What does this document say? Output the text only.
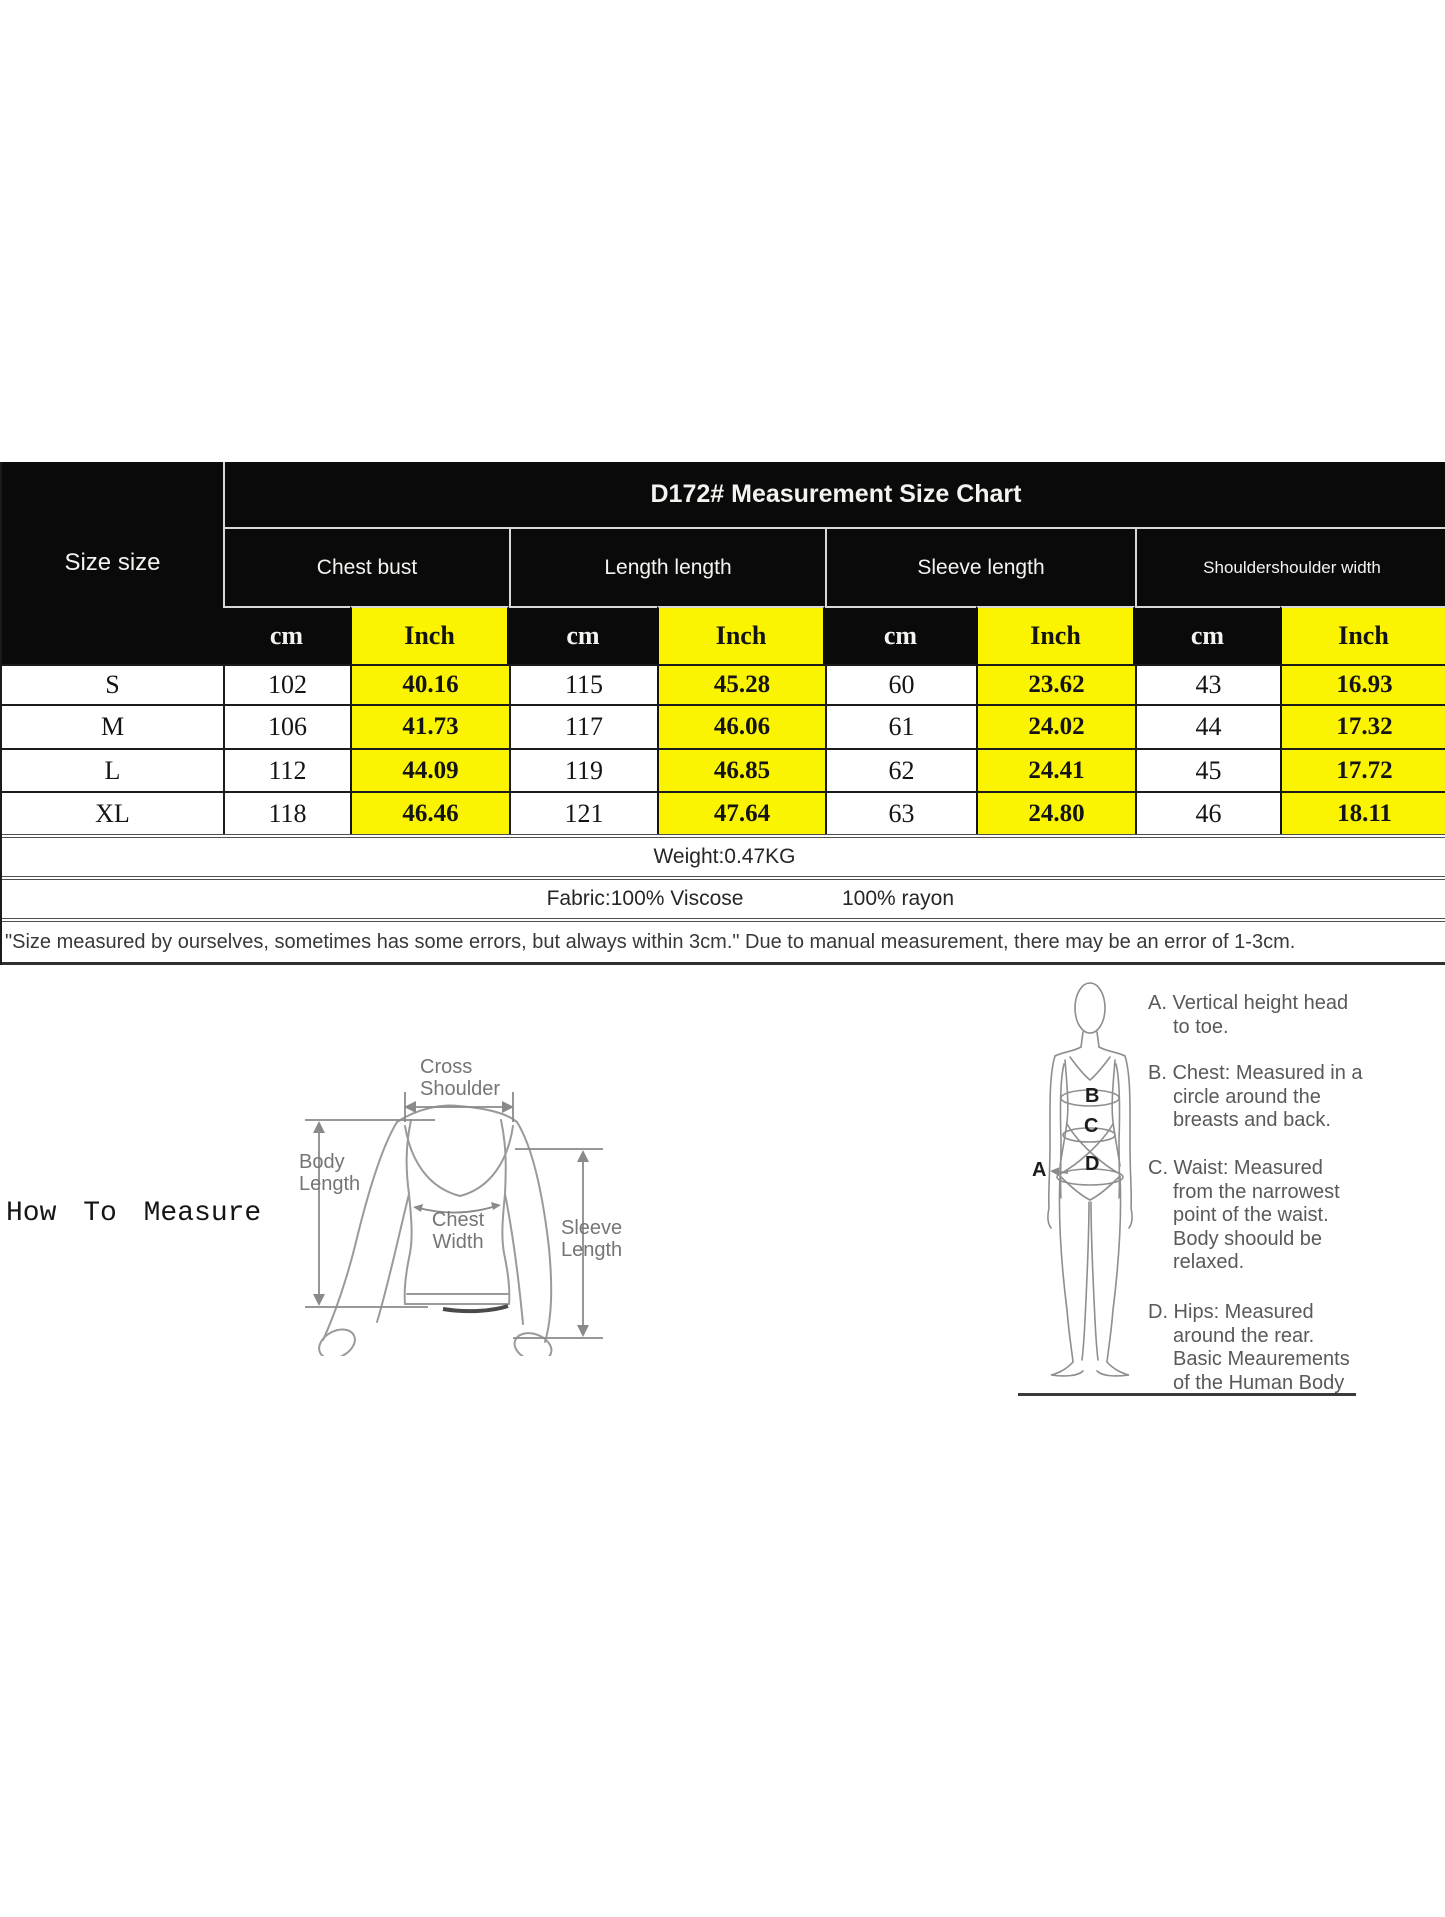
Size size
D172# Measurement Size Chart
Chest bust	Length length	Sleeve length	Shouldershoulder width
cm	Inch	cm	Inch	cm	Inch	cm	Inch
S	102	40.16	115	45.28	60	23.62	43	16.93
M	106	41.73	117	46.06	61	24.02	44	17.32
L	112	44.09	119	46.85	62	24.41	45	17.72
XL	118	46.46	121	47.64	63	24.80	46	18.11
Weight:0.47KG
Fabric:100% Viscose	100% rayon
"Size measured by ourselves, sometimes has some errors, but always within 3cm." Due to manual measurement, there may be an error of 1-3cm.
How To Measure
Cross
Shoulder
Body
Length
Chest
Width
Sleeve
Length
A
B
C
D
A. Vertical height head
to toe.
B. Chest: Measured in a
circle around the
breasts and back.
C. Waist: Measured
from the narrowest
point of the waist.
Body shoould be
relaxed.
D. Hips: Measured
around the rear.
Basic Meaurements
of the Human Body
